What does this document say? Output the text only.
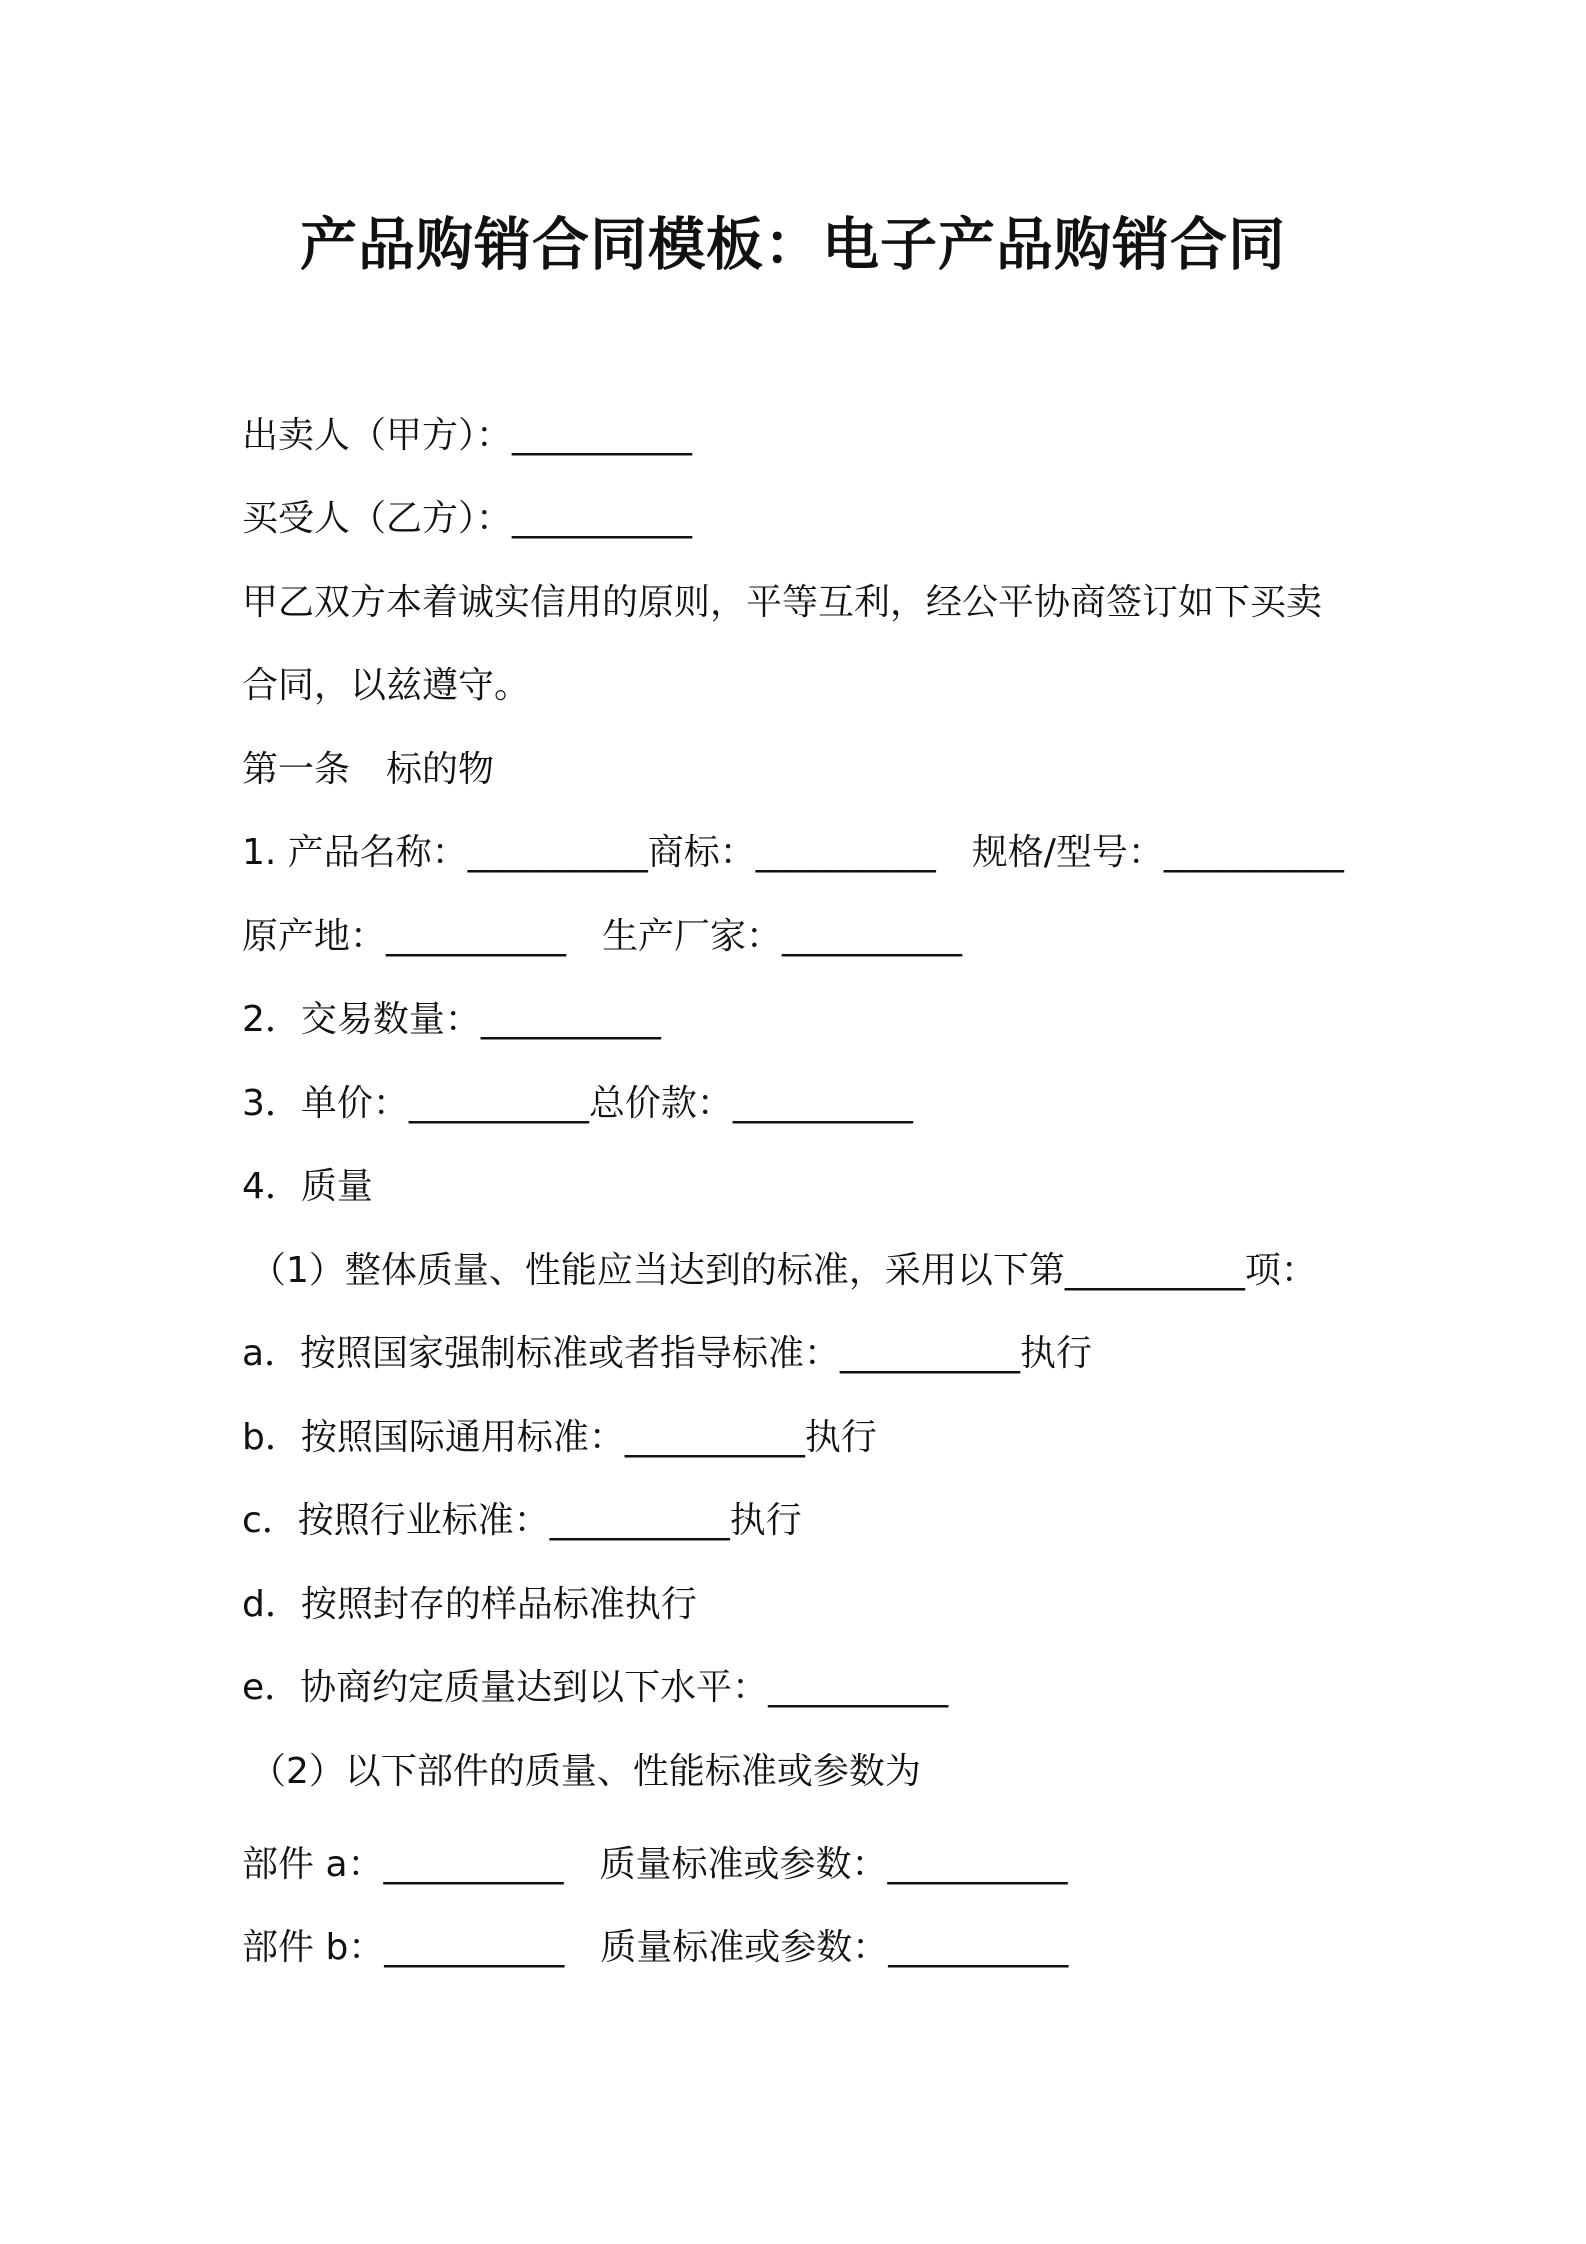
产品购销合同模板：电子产品购销合同
出卖人（甲方）：__________
买受人（乙方）：__________
甲乙双方本着诚实信用的原则，平等互利，经公平协商签订如下买卖
合同，以兹遵守。
第一条　标的物
1. 产品名称：__________商标：__________　规格/型号：__________
原产地：__________　生产厂家：__________
2．交易数量：__________
3．单价：__________总价款：__________
4．质量
（1）整体质量、性能应当达到的标准，采用以下第__________项：
a．按照国家强制标准或者指导标准：__________执行
b．按照国际通用标准：__________执行
c．按照行业标准：__________执行
d．按照封存的样品标准执行
e．协商约定质量达到以下水平：__________
（2）以下部件的质量、性能标准或参数为
部件 a：__________　质量标准或参数：__________
部件 b：__________　质量标准或参数：__________
